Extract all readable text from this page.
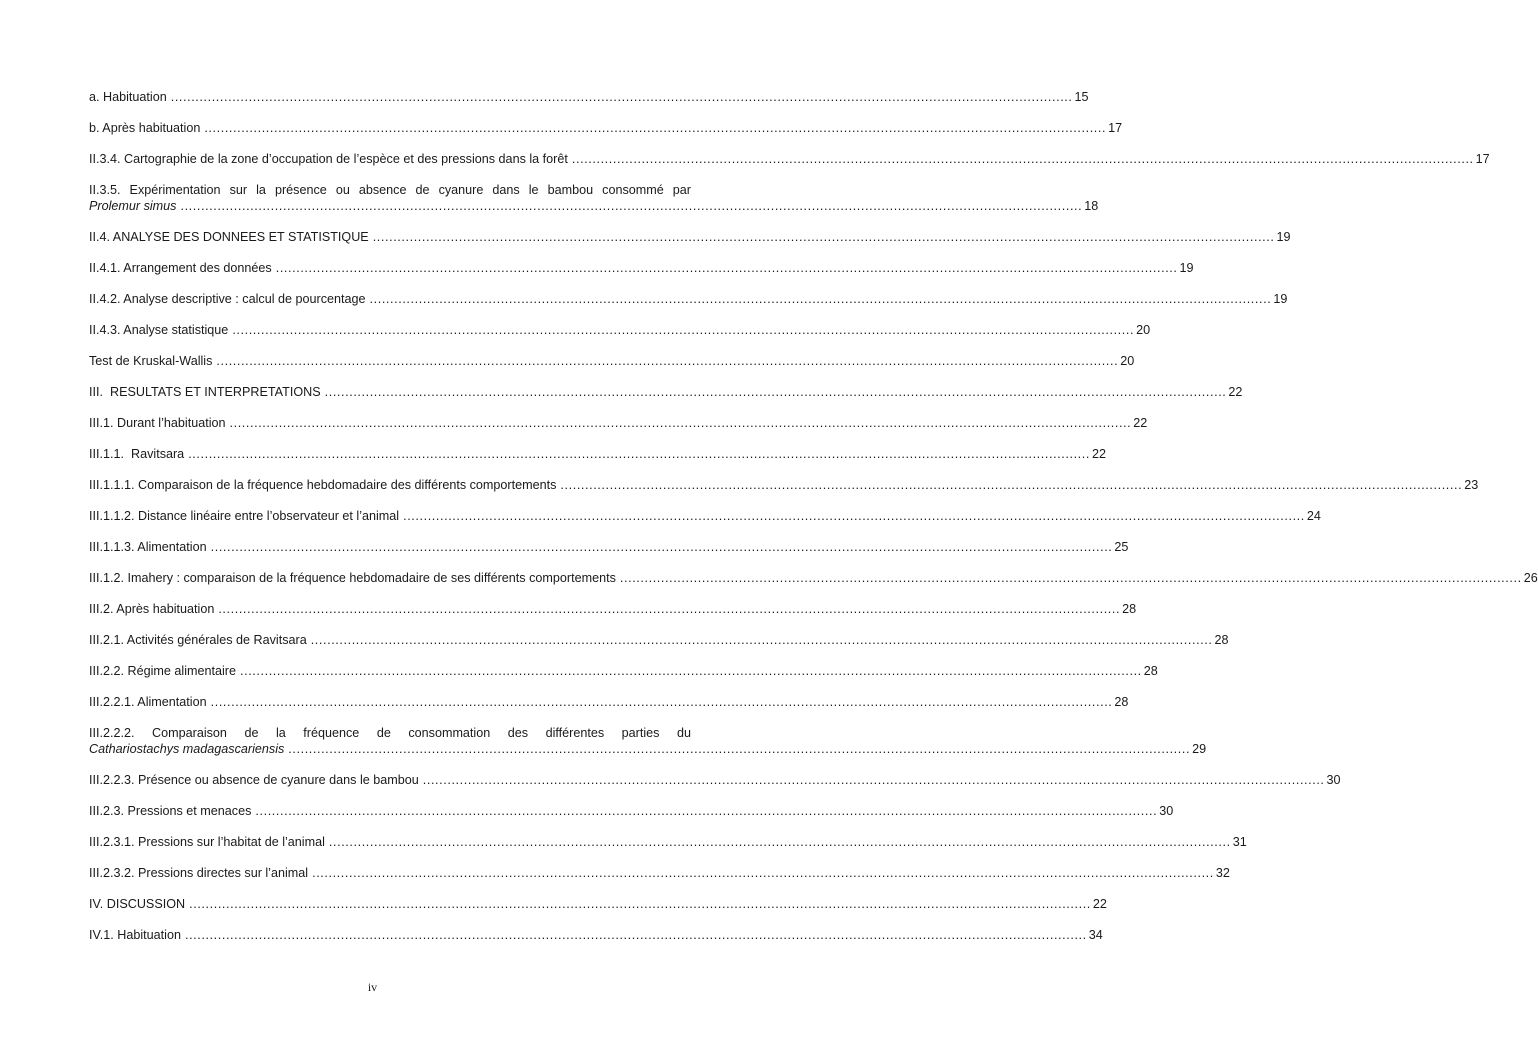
a. Habituation ............................................................................................................................................................................................................................ 15
b. Après habituation ............................................................................................................................................................................................................................ 17
II.3.4. Cartographie de la zone d’occupation de l’espèce et des pressions dans la forêt ............................................................................................................................................................................................................................ 17
II.3.5. Expérimentation sur la présence ou absence de cyanure dans le bambou consommé par
Prolemur simus ............................................................................................................................................................................................................................ 18
II.4. ANALYSE DES DONNEES ET STATISTIQUE ............................................................................................................................................................................................................................ 19
II.4.1. Arrangement des données ............................................................................................................................................................................................................................ 19
II.4.2. Analyse descriptive : calcul de pourcentage ............................................................................................................................................................................................................................ 19
II.4.3. Analyse statistique ............................................................................................................................................................................................................................ 20
Test de Kruskal-Wallis ............................................................................................................................................................................................................................ 20
III.  RESULTATS ET INTERPRETATIONS ............................................................................................................................................................................................................................ 22
III.1. Durant l’habituation ............................................................................................................................................................................................................................ 22
III.1.1.  Ravitsara ............................................................................................................................................................................................................................ 22
III.1.1.1. Comparaison de la fréquence hebdomadaire des différents comportements ............................................................................................................................................................................................................................ 23
III.1.1.2. Distance linéaire entre l’observateur et l’animal ............................................................................................................................................................................................................................ 24
III.1.1.3. Alimentation ............................................................................................................................................................................................................................ 25
III.1.2. Imahery : comparaison de la fréquence hebdomadaire de ses différents comportements ............................................................................................................................................................................................................................ 26
III.2. Après habituation ............................................................................................................................................................................................................................ 28
III.2.1. Activités générales de Ravitsara ............................................................................................................................................................................................................................ 28
III.2.2. Régime alimentaire ............................................................................................................................................................................................................................ 28
III.2.2.1. Alimentation ............................................................................................................................................................................................................................ 28
III.2.2.2. Comparaison de la fréquence de consommation des différentes parties du
Cathariostachys madagascariensis ............................................................................................................................................................................................................................ 29
III.2.2.3. Présence ou absence de cyanure dans le bambou ............................................................................................................................................................................................................................ 30
III.2.3. Pressions et menaces ............................................................................................................................................................................................................................ 30
III.2.3.1. Pressions sur l’habitat de l’animal ............................................................................................................................................................................................................................ 31
III.2.3.2. Pressions directes sur l’animal ............................................................................................................................................................................................................................ 32
IV. DISCUSSION ............................................................................................................................................................................................................................ 22
IV.1. Habituation ............................................................................................................................................................................................................................ 34
iv
